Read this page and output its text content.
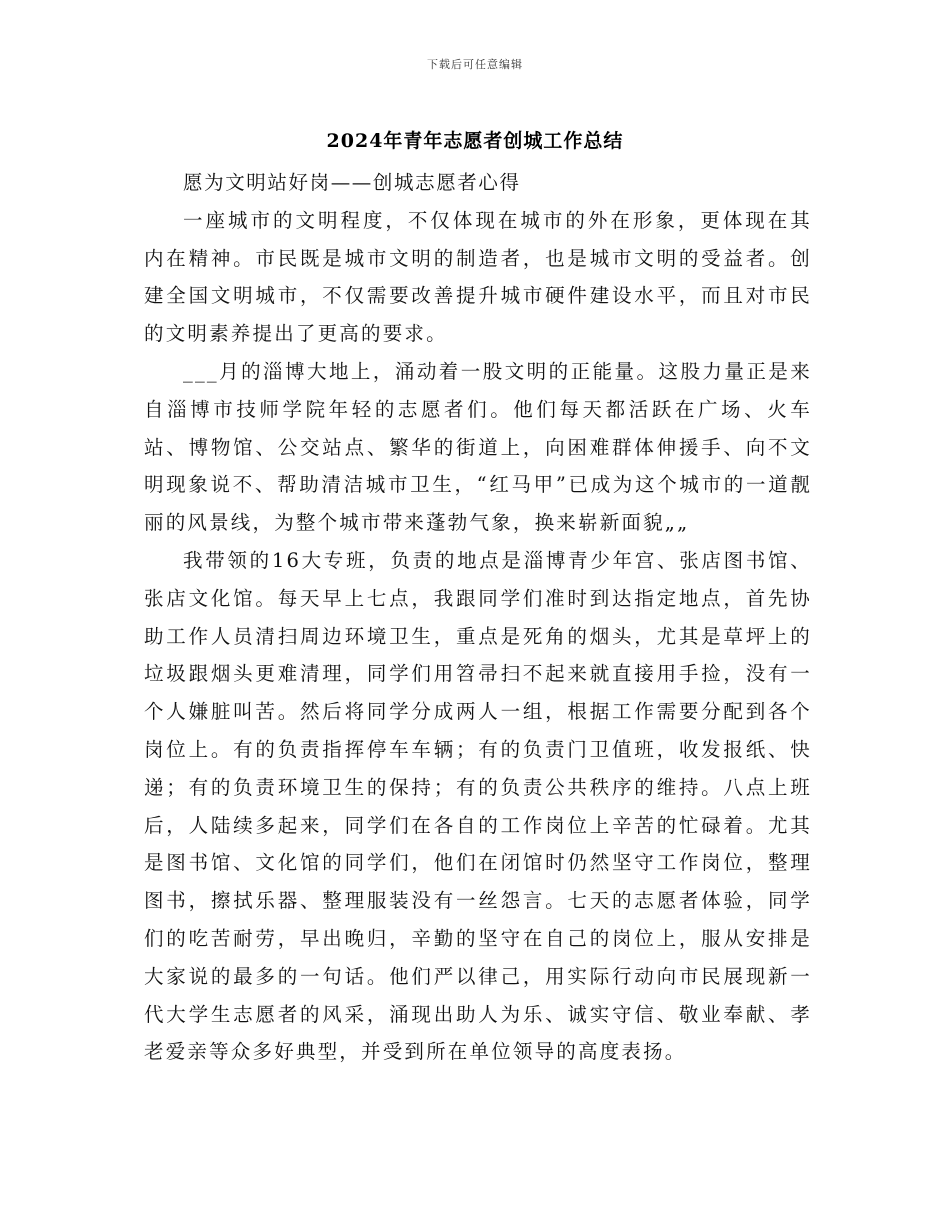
下载后可任意编辑
2024年青年志愿者创城工作总结

愿为文明站好岗——创城志愿者心得

一座城市的文明程度，不仅体现在城市的外在形象，更体现在其内在精神。市民既是城市文明的制造者，也是城市文明的受益者。创建全国文明城市，不仅需要改善提升城市硬件建设水平，而且对市民的文明素养提出了更高的要求。

___月的淄博大地上，涌动着一股文明的正能量。这股力量正是来自淄博市技师学院年轻的志愿者们。他们每天都活跃在广场、火车站、博物馆、公交站点、繁华的街道上，向困难群体伸援手、向不文明现象说不、帮助清洁城市卫生，“红马甲”已成为这个城市的一道靓丽的风景线，为整个城市带来蓬勃气象，换来崭新面貌„„

我带领的16大专班，负责的地点是淄博青少年宫、张店图书馆、张店文化馆。每天早上七点，我跟同学们准时到达指定地点，首先协助工作人员清扫周边环境卫生，重点是死角的烟头，尤其是草坪上的垃圾跟烟头更难清理，同学们用笤帚扫不起来就直接用手捡，没有一个人嫌脏叫苦。然后将同学分成两人一组，根据工作需要分配到各个岗位上。有的负责指挥停车车辆；有的负责门卫值班，收发报纸、快递；有的负责环境卫生的保持；有的负责公共秩序的维持。八点上班后，人陆续多起来，同学们在各自的工作岗位上辛苦的忙碌着。尤其是图书馆、文化馆的同学们，他们在闭馆时仍然坚守工作岗位，整理图书，擦拭乐器、整理服装没有一丝怨言。七天的志愿者体验，同学们的吃苦耐劳，早出晚归，辛勤的坚守在自己的岗位上，服从安排是大家说的最多的一句话。他们严以律己，用实际行动向市民展现新一代大学生志愿者的风采，涌现出助人为乐、诚实守信、敬业奉献、孝老爱亲等众多好典型，并受到所在单位领导的高度表扬。
